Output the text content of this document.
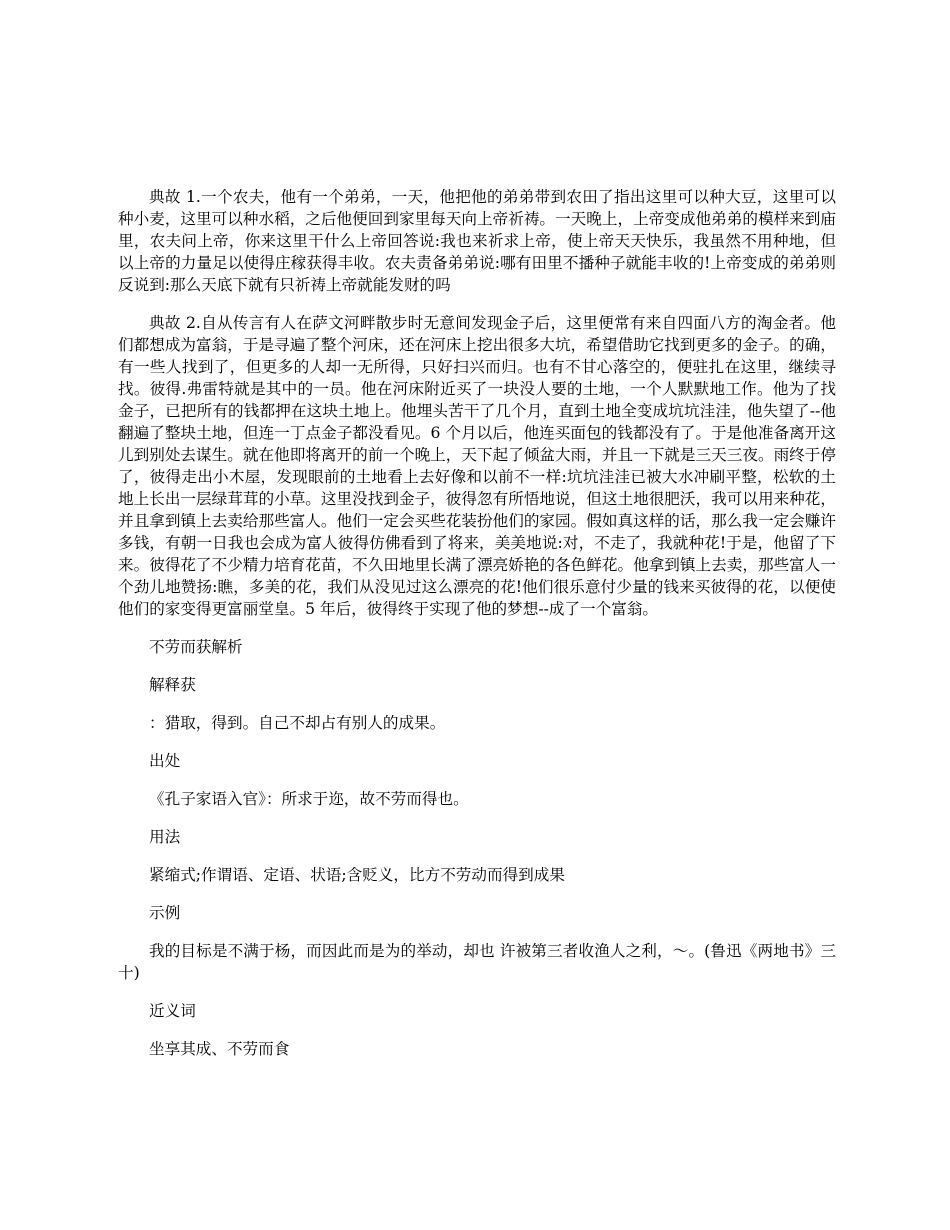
典故 1.一个农夫，他有一个弟弟，一天，他把他的弟弟带到农田了指出这里可以种大豆，这里可以种小麦，这里可以种水稻，之后他便回到家里每天向上帝祈祷。一天晚上，上帝变成他弟弟的模样来到庙里，农夫问上帝，你来这里干什么上帝回答说:我也来祈求上帝，使上帝天天快乐，我虽然不用种地，但以上帝的力量足以使得庄稼获得丰收。农夫责备弟弟说:哪有田里不播种子就能丰收的!上帝变成的弟弟则反说到:那么天底下就有只祈祷上帝就能发财的吗

典故 2.自从传言有人在萨文河畔散步时无意间发现金子后，这里便常有来自四面八方的淘金者。他们都想成为富翁，于是寻遍了整个河床，还在河床上挖出很多大坑，希望借助它找到更多的金子。的确，有一些人找到了，但更多的人却一无所得，只好扫兴而归。也有不甘心落空的，便驻扎在这里，继续寻找。彼得.弗雷特就是其中的一员。他在河床附近买了一块没人要的土地，一个人默默地工作。他为了找金子，已把所有的钱都押在这块土地上。他埋头苦干了几个月，直到土地全变成坑坑洼洼，他失望了--他翻遍了整块土地，但连一丁点金子都没看见。6 个月以后，他连买面包的钱都没有了。于是他准备离开这儿到别处去谋生。就在他即将离开的前一个晚上，天下起了倾盆大雨，并且一下就是三天三夜。雨终于停了，彼得走出小木屋，发现眼前的土地看上去好像和以前不一样:坑坑洼洼已被大水冲刷平整，松软的土地上长出一层绿茸茸的小草。这里没找到金子，彼得忽有所悟地说，但这土地很肥沃，我可以用来种花，并且拿到镇上去卖给那些富人。他们一定会买些花装扮他们的家园。假如真这样的话，那么我一定会赚许多钱，有朝一日我也会成为富人彼得仿佛看到了将来，美美地说:对，不走了，我就种花!于是，他留了下来。彼得花了不少精力培育花苗，不久田地里长满了漂亮娇艳的各色鲜花。他拿到镇上去卖，那些富人一个劲儿地赞扬:瞧，多美的花，我们从没见过这么漂亮的花!他们很乐意付少量的钱来买彼得的花，以便使他们的家变得更富丽堂皇。5 年后，彼得终于实现了他的梦想--成了一个富翁。

不劳而获解析

解释获

：猎取，得到。自己不却占有别人的成果。

出处

《孔子家语入官》：所求于迩，故不劳而得也。

用法

紧缩式;作谓语、定语、状语;含贬义，比方不劳动而得到成果

示例

我的目标是不满于杨，而因此而是为的举动，却也 许被第三者收渔人之利，～。(鲁迅《两地书》三十)

近义词

坐享其成、不劳而食
